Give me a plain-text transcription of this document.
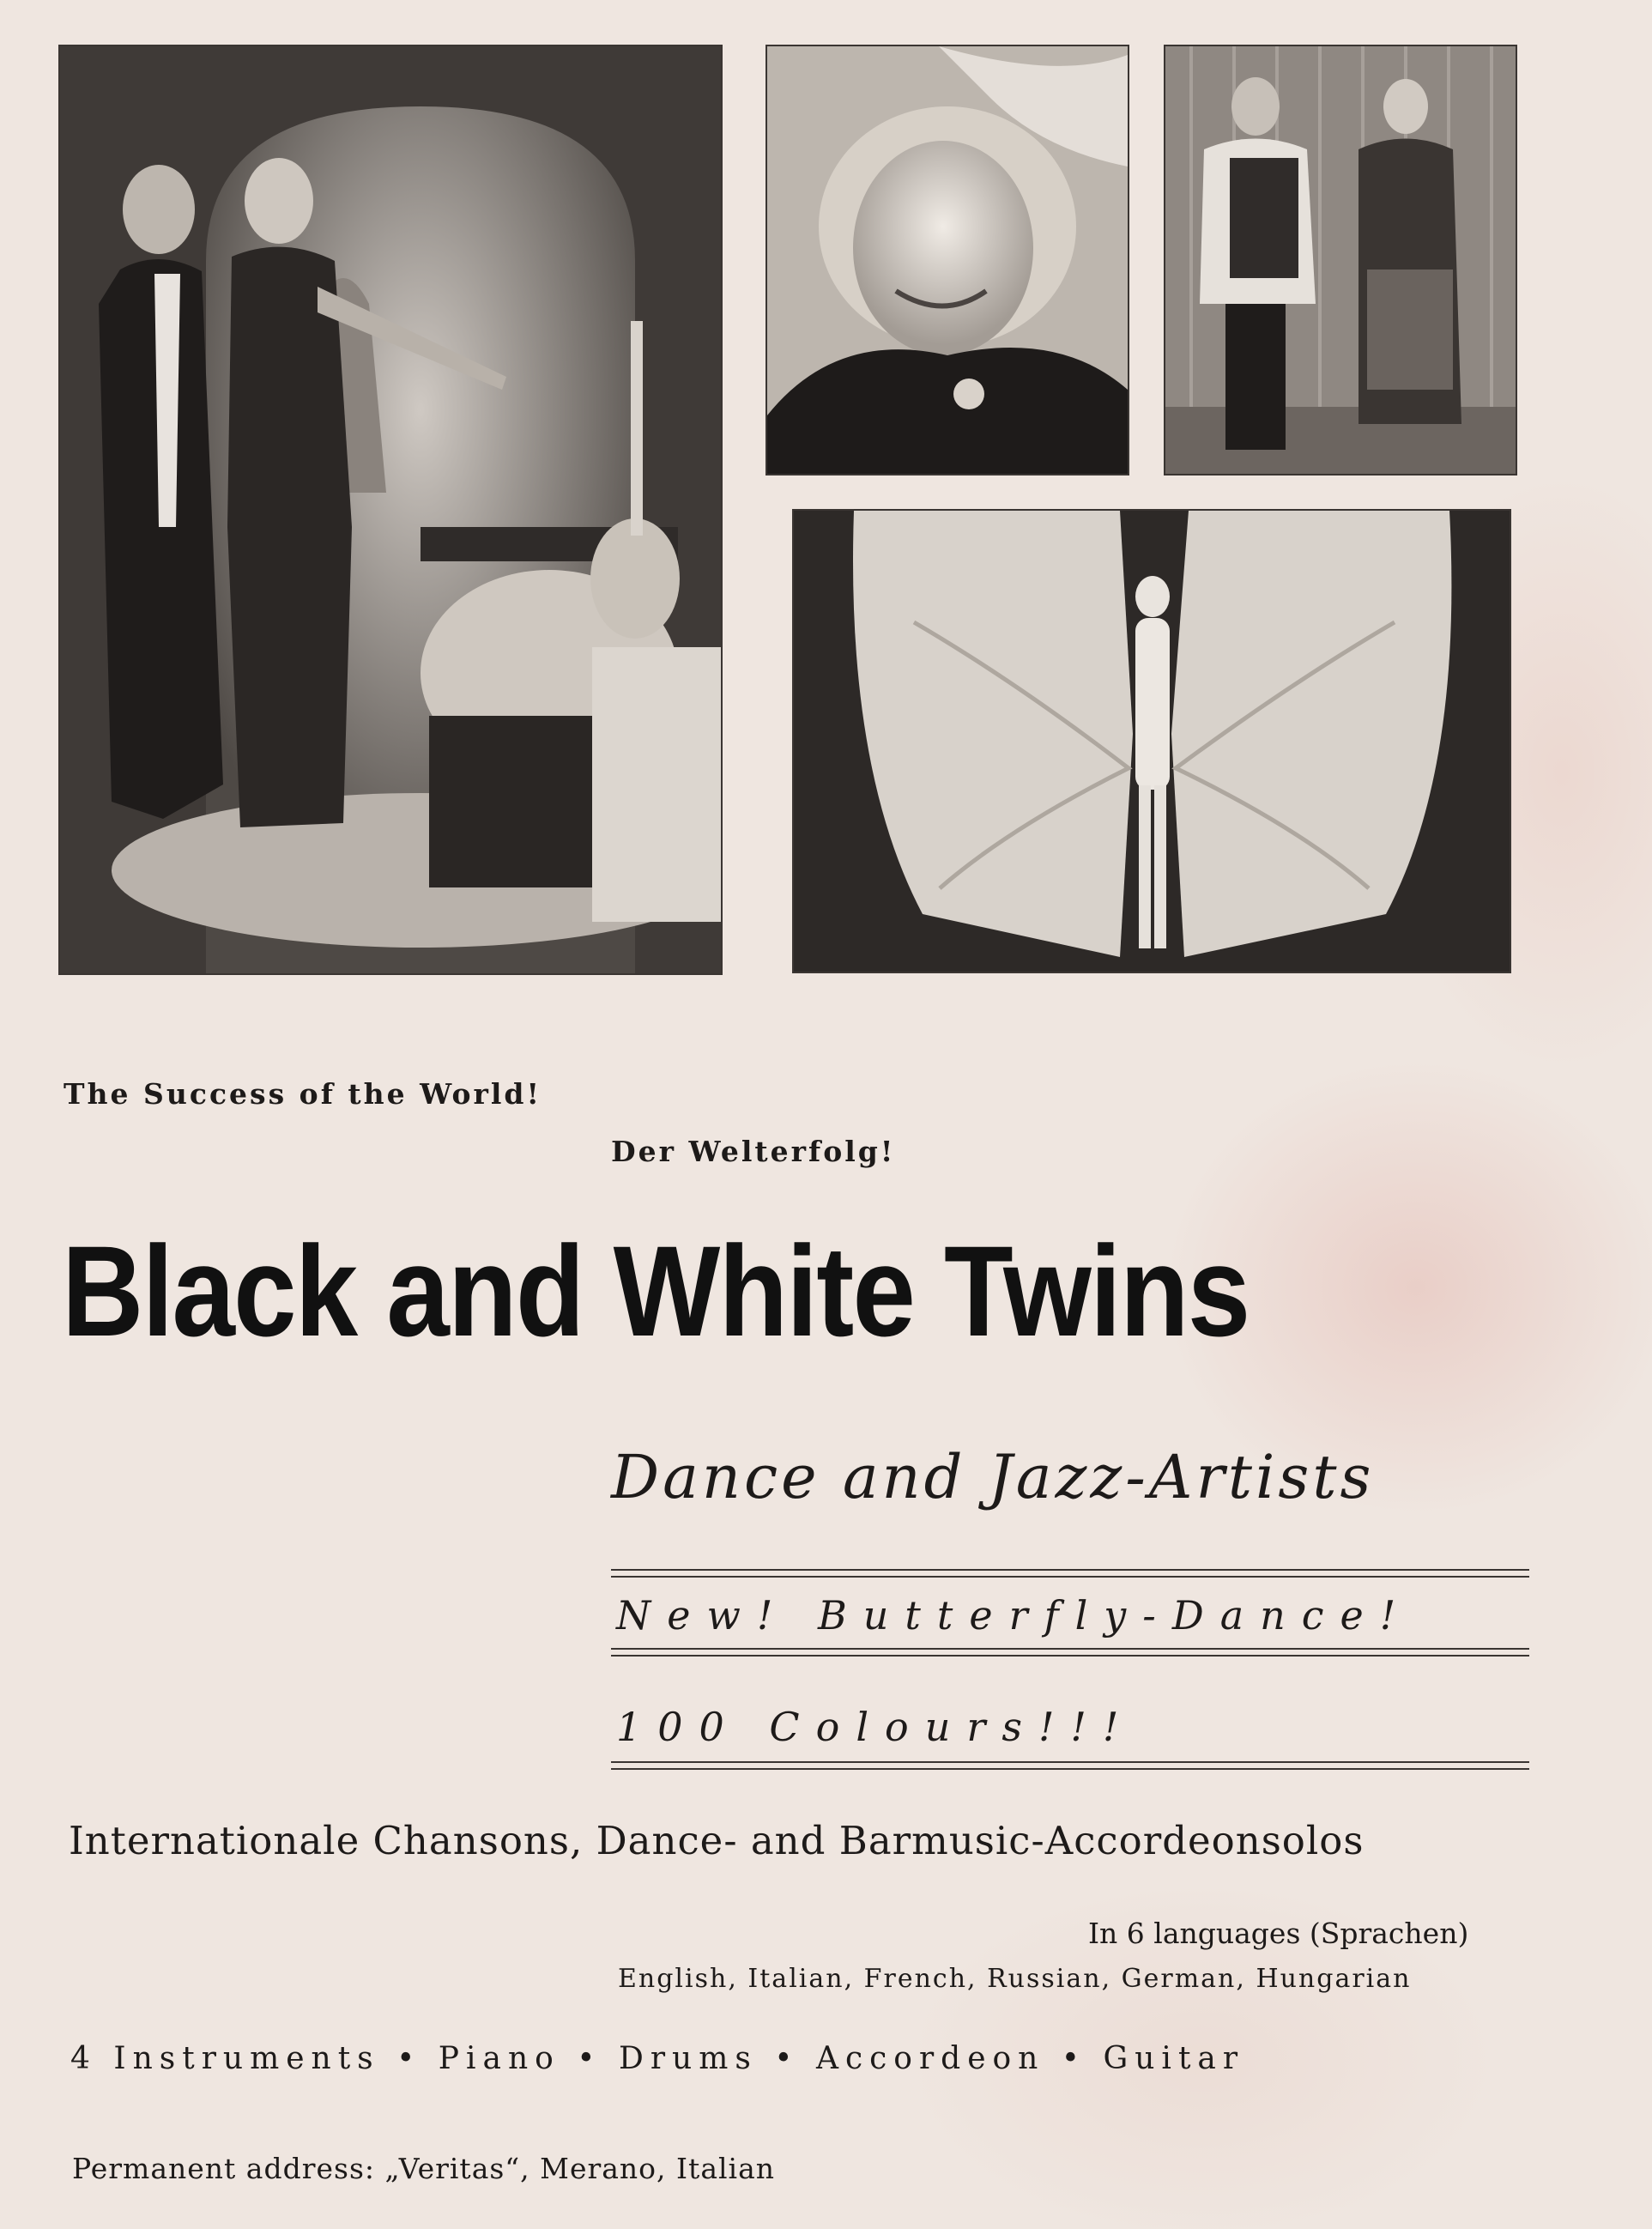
The Success of the World!
Der Welterfolg!
Black and White Twins
Dance and Jazz-Artists
New! Butterfly-Dance!
100 Colours!!!
Internationale Chansons, Dance- and Barmusic-Accordeonsolos
In 6 languages (Sprachen)
English, Italian, French, Russian, German, Hungarian
4 Instruments • Piano • Drums • Accordeon • Guitar
Permanent address: „Veritas“, Merano, Italian
